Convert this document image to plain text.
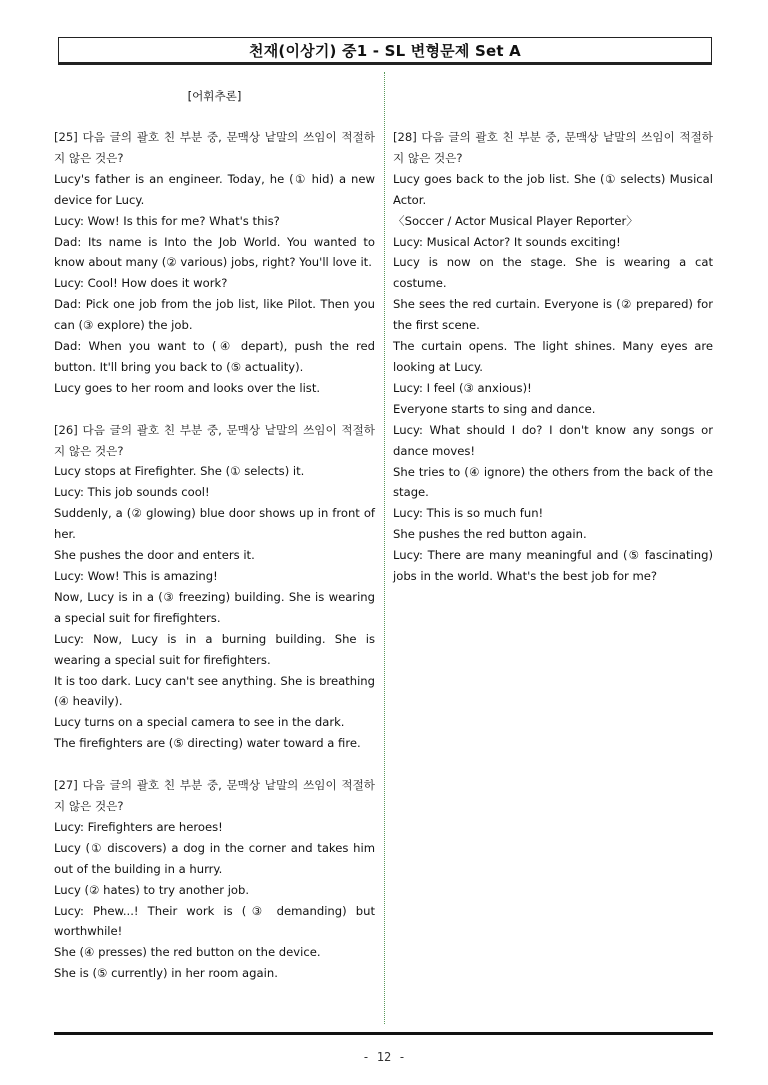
천재(이상기) 중1 - SL 변형문제 Set A
[어휘추론]

[25] 다음 글의 괄호 친 부분 중, 문맥상 낱말의 쓰임이 적절하지 않은 것은?

Lucy's father is an engineer. Today, he (① hid) a new device for Lucy.

Lucy: Wow! Is this for me? What's this?

Dad: Its name is Into the Job World. You wanted to know about many (② various) jobs, right? You'll love it.

Lucy: Cool! How does it work?

Dad: Pick one job from the job list, like Pilot. Then you can (③ explore) the job.

Dad: When you want to (④ depart), push the red button. It'll bring you back to (⑤ actuality).

Lucy goes to her room and looks over the list.

[26] 다음 글의 괄호 친 부분 중, 문맥상 낱말의 쓰임이 적절하지 않은 것은?

Lucy stops at Firefighter. She (① selects) it.

Lucy: This job sounds cool!

Suddenly, a (② glowing) blue door shows up in front of her.

She pushes the door and enters it.

Lucy: Wow! This is amazing!

Now, Lucy is in a (③ freezing) building. She is wearing a special suit for firefighters.

Lucy: Now, Lucy is in a burning building. She is wearing a special suit for firefighters.

It is too dark. Lucy can't see anything. She is breathing (④ heavily).

Lucy turns on a special camera to see in the dark.

The firefighters are (⑤ directing) water toward a fire.

[27] 다음 글의 괄호 친 부분 중, 문맥상 낱말의 쓰임이 적절하지 않은 것은?

Lucy: Firefighters are heroes!

Lucy (① discovers) a dog in the corner and takes him out of the building in a hurry.

Lucy (② hates) to try another job.

Lucy: Phew...! Their work is (③ demanding) but worthwhile!

She (④ presses) the red button on the device.

She is (⑤ currently) in her room again.

[28] 다음 글의 괄호 친 부분 중, 문맥상 낱말의 쓰임이 적절하지 않은 것은?

Lucy goes back to the job list. She (① selects) Musical Actor.

〈Soccer / Actor Musical Player Reporter〉

Lucy: Musical Actor? It sounds exciting!

Lucy is now on the stage. She is wearing a cat costume.

She sees the red curtain. Everyone is (② prepared) for the first scene.

The curtain opens. The light shines. Many eyes are looking at Lucy.

Lucy: I feel (③ anxious)!

Everyone starts to sing and dance.

Lucy: What should I do? I don't know any songs or dance moves!

She tries to (④ ignore) the others from the back of the stage.

Lucy: This is so much fun!

She pushes the red button again.

Lucy: There are many meaningful and (⑤ fascinating) jobs in the world. What's the best job for me?

- 12 -
